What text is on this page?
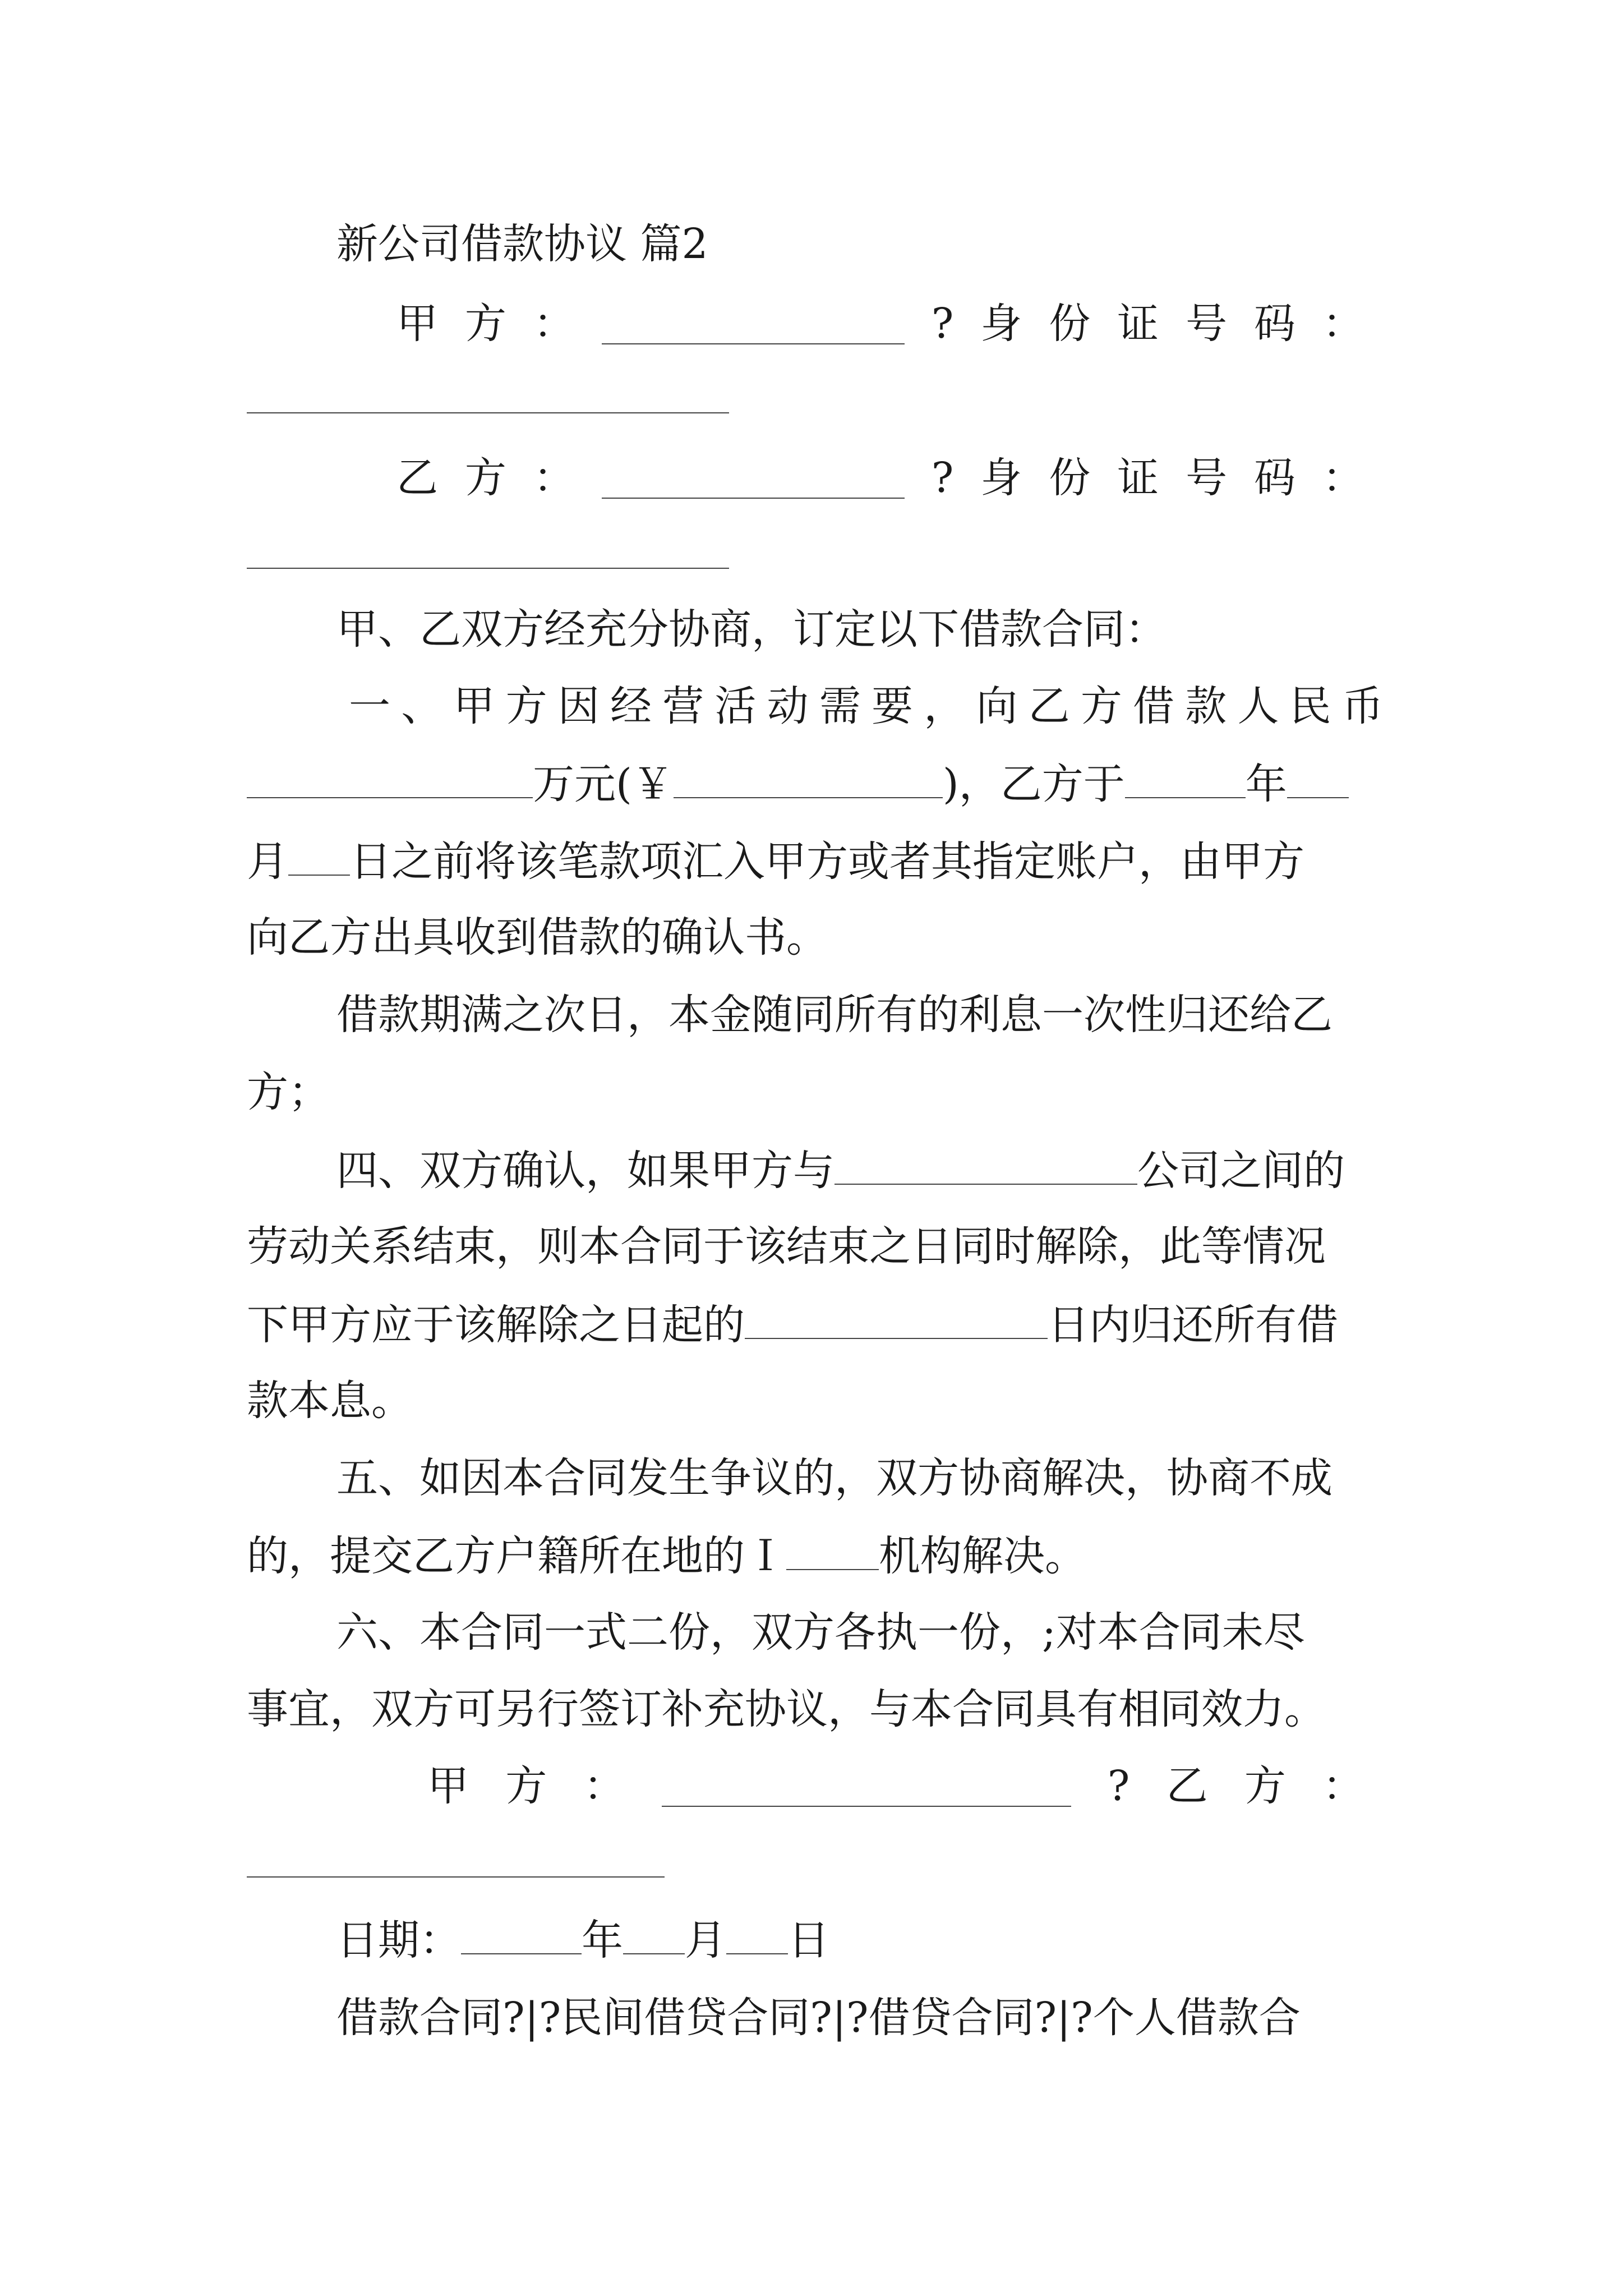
新公司借款协议 篇2
甲 方 ：	? 身 份 证 号 码 ：
乙 方 ：	? 身 份 证 号 码 ：
甲、乙双方经充分协商，订定以下借款合同：
一 、 甲 方 因 经 营 活 动 需 要 ， 向 乙 方 借 款 人 民 币
万元(￥	)，乙方于	年
月 日之前将该笔款项汇入甲方或者其指定账户，由甲方
向乙方出具收到借款的确认书。
借款期满之次日，本金随同所有的利息一次性归还给乙
方；
四、双方确认，如果甲方与	公司之间的
劳动关系结束，则本合同于该结束之日同时解除，此等情况
下甲方应于该解除之日起的	日内归还所有借
款本息。
五、如因本合同发生争议的，双方协商解决，协商不成
的，提交乙方户籍所在地的Ｉ 机构解决。
六、本合同一式二份，双方各执一份，;对本合同未尽
事宜，双方可另行签订补充协议，与本合同具有相同效力。
甲 方 ：	? 乙 方 ：
日期：	年 月 日
借款合同?|?民间借贷合同?|?借贷合同?|?个人借款合
